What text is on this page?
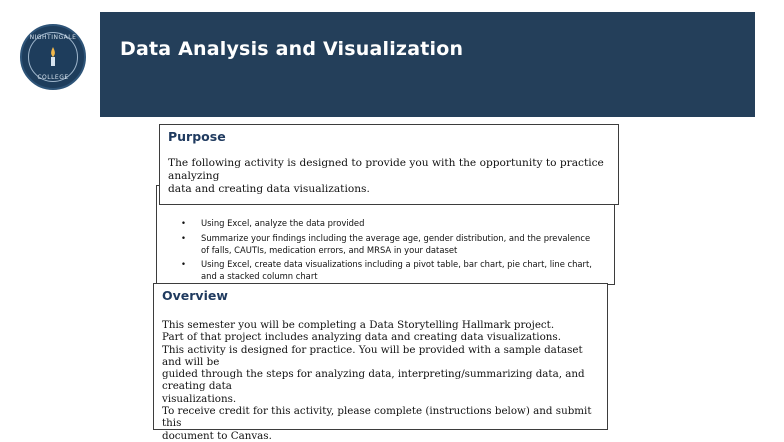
NIGHTINGALE
COLLEGE
Data Analysis and Visualization
• Using Excel, analyze the data provided
• Summarize your findings including the average age, gender distribution, and the prevalence
of falls, CAUTIs, medication errors, and MRSA in your dataset
• Using Excel, create data visualizations including a pivot table, bar chart, pie chart, line chart,
and a stacked column chart
Purpose
The following activity is designed to provide you with the opportunity to practice analyzing
data and creating data visualizations.
Overview

This semester you will be completing a Data Storytelling Hallmark project.

Part of that project includes analyzing data and creating data visualizations.

This activity is designed for practice. You will be provided with a sample dataset and will be

guided through the steps for analyzing data, interpreting/summarizing data, and creating data

visualizations.

To receive credit for this activity, please complete (instructions below) and submit this

document to Canvas.
